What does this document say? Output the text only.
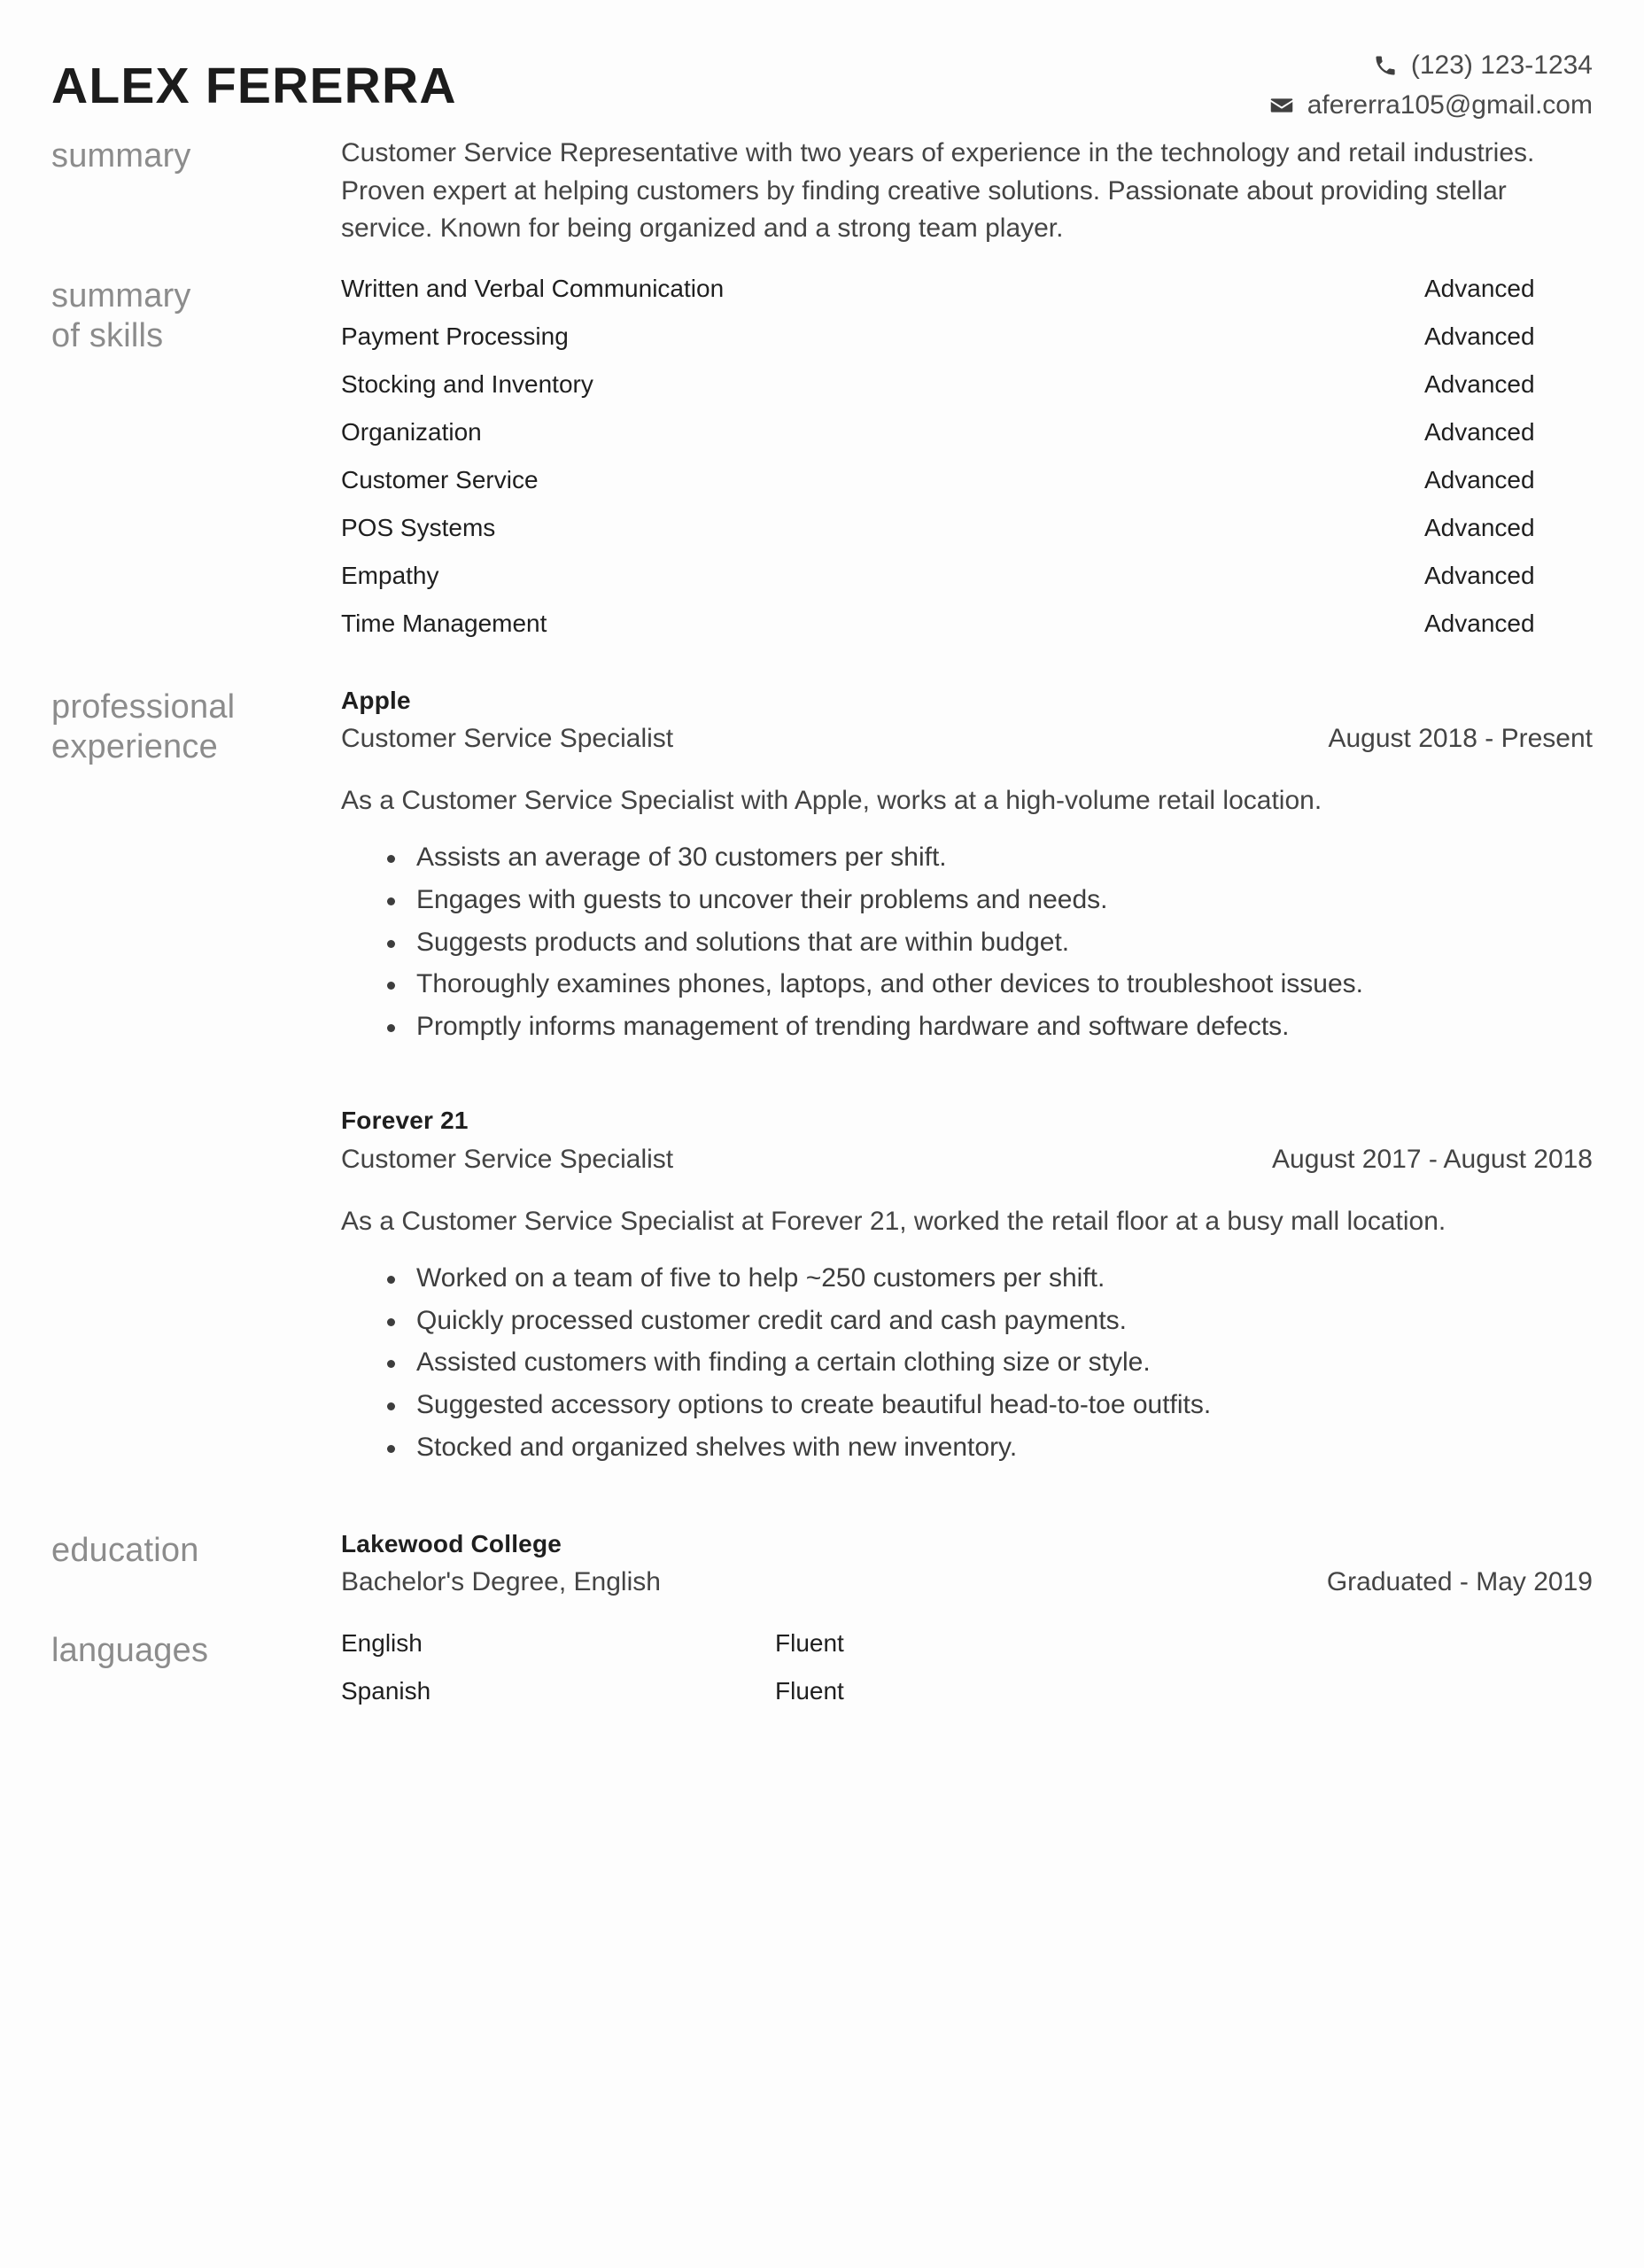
ALEX FERERRA	(123) 123-1234
afererra105@gmail.com
summary	Customer Service Representative with two years of experience in the technology and retail industries. Proven expert at helping customers by finding creative solutions. Passionate about providing stellar service. Known for being organized and a strong team player.
summary
of skills
Written and Verbal Communication	Advanced
Payment Processing	Advanced
Stocking and Inventory	Advanced
Organization	Advanced
Customer Service	Advanced
POS Systems	Advanced
Empathy	Advanced
Time Management	Advanced
professional
experience
Apple
Customer Service Specialist	August 2018 - Present
As a Customer Service Specialist with Apple, works at a high-volume retail location.
Assists an average of 30 customers per shift.
Engages with guests to uncover their problems and needs.
Suggests products and solutions that are within budget.
Thoroughly examines phones, laptops, and other devices to troubleshoot issues.
Promptly informs management of trending hardware and software defects.
Forever 21
Customer Service Specialist	August 2017 - August 2018
As a Customer Service Specialist at Forever 21, worked the retail floor at a busy mall location.
Worked on a team of five to help ~250 customers per shift.
Quickly processed customer credit card and cash payments.
Assisted customers with finding a certain clothing size or style.
Suggested accessory options to create beautiful head-to-toe outfits.
Stocked and organized shelves with new inventory.
education	Lakewood College
Bachelor's Degree, English	Graduated - May 2019
languages	English	Fluent
Spanish	Fluent
